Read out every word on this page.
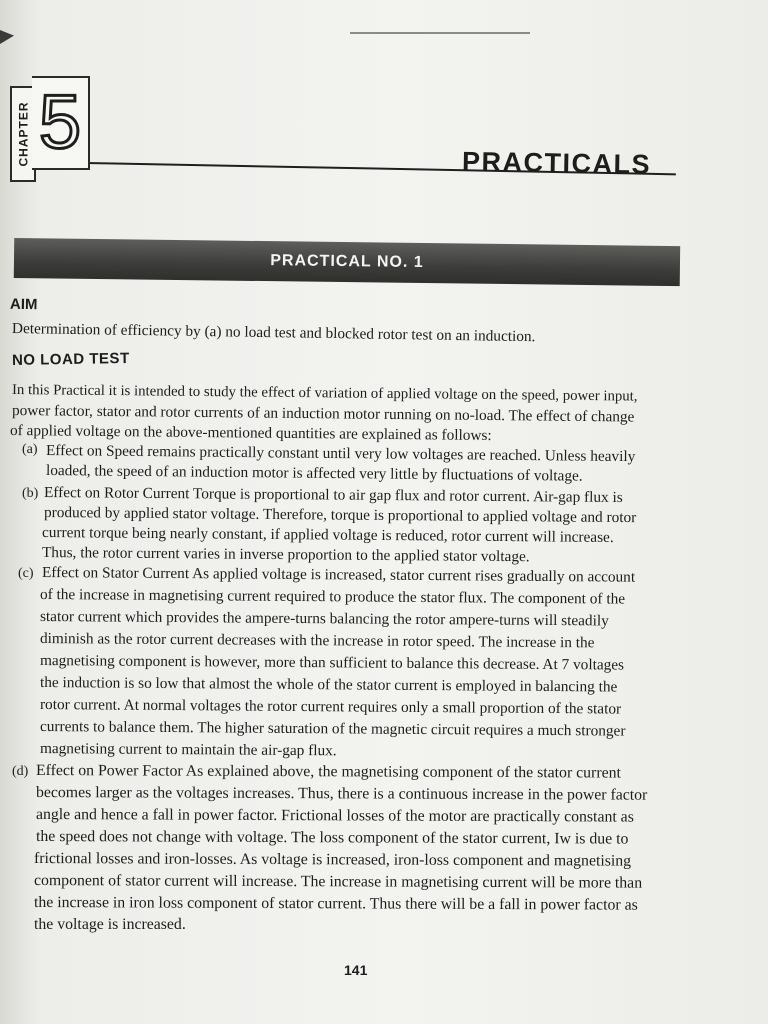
CHAPTER 5	PRACTICALS
PRACTICAL NO. 1
AIM
Determination of efficiency by (a) no load test and blocked rotor test on an induction.
NO LOAD TEST
In this Practical it is intended to study the effect of variation of applied voltage on the speed, power input,
power factor, stator and rotor currents of an induction motor running on no-load. The effect of change
of applied voltage on the above-mentioned quantities are explained as follows:
(a) Effect on Speed remains practically constant until very low voltages are reached. Unless heavily
loaded, the speed of an induction motor is affected very little by fluctuations of voltage.
(b) Effect on Rotor Current Torque is proportional to air gap flux and rotor current. Air-gap flux is
produced by applied stator voltage. Therefore, torque is proportional to applied voltage and rotor
current torque being nearly constant, if applied voltage is reduced, rotor current will increase.
Thus, the rotor current varies in inverse proportion to the applied stator voltage.
(c) Effect on Stator Current As applied voltage is increased, stator current rises gradually on account
of the increase in magnetising current required to produce the stator flux. The component of the
stator current which provides the ampere-turns balancing the rotor ampere-turns will steadily
diminish as the rotor current decreases with the increase in rotor speed. The increase in the
magnetising component is however, more than sufficient to balance this decrease. At 7 voltages
the induction is so low that almost the whole of the stator current is employed in balancing the
rotor current. At normal voltages the rotor current requires only a small proportion of the stator
currents to balance them. The higher saturation of the magnetic circuit requires a much stronger
magnetising current to maintain the air-gap flux.
(d) Effect on Power Factor As explained above, the magnetising component of the stator current
becomes larger as the voltages increases. Thus, there is a continuous increase in the power factor
angle and hence a fall in power factor. Frictional losses of the motor are practically constant as
the speed does not change with voltage. The loss component of the stator current, Iw is due to
frictional losses and iron-losses. As voltage is increased, iron-loss component and magnetising
component of stator current will increase. The increase in magnetising current will be more than
the increase in iron loss component of stator current. Thus there will be a fall in power factor as
the voltage is increased.
141
